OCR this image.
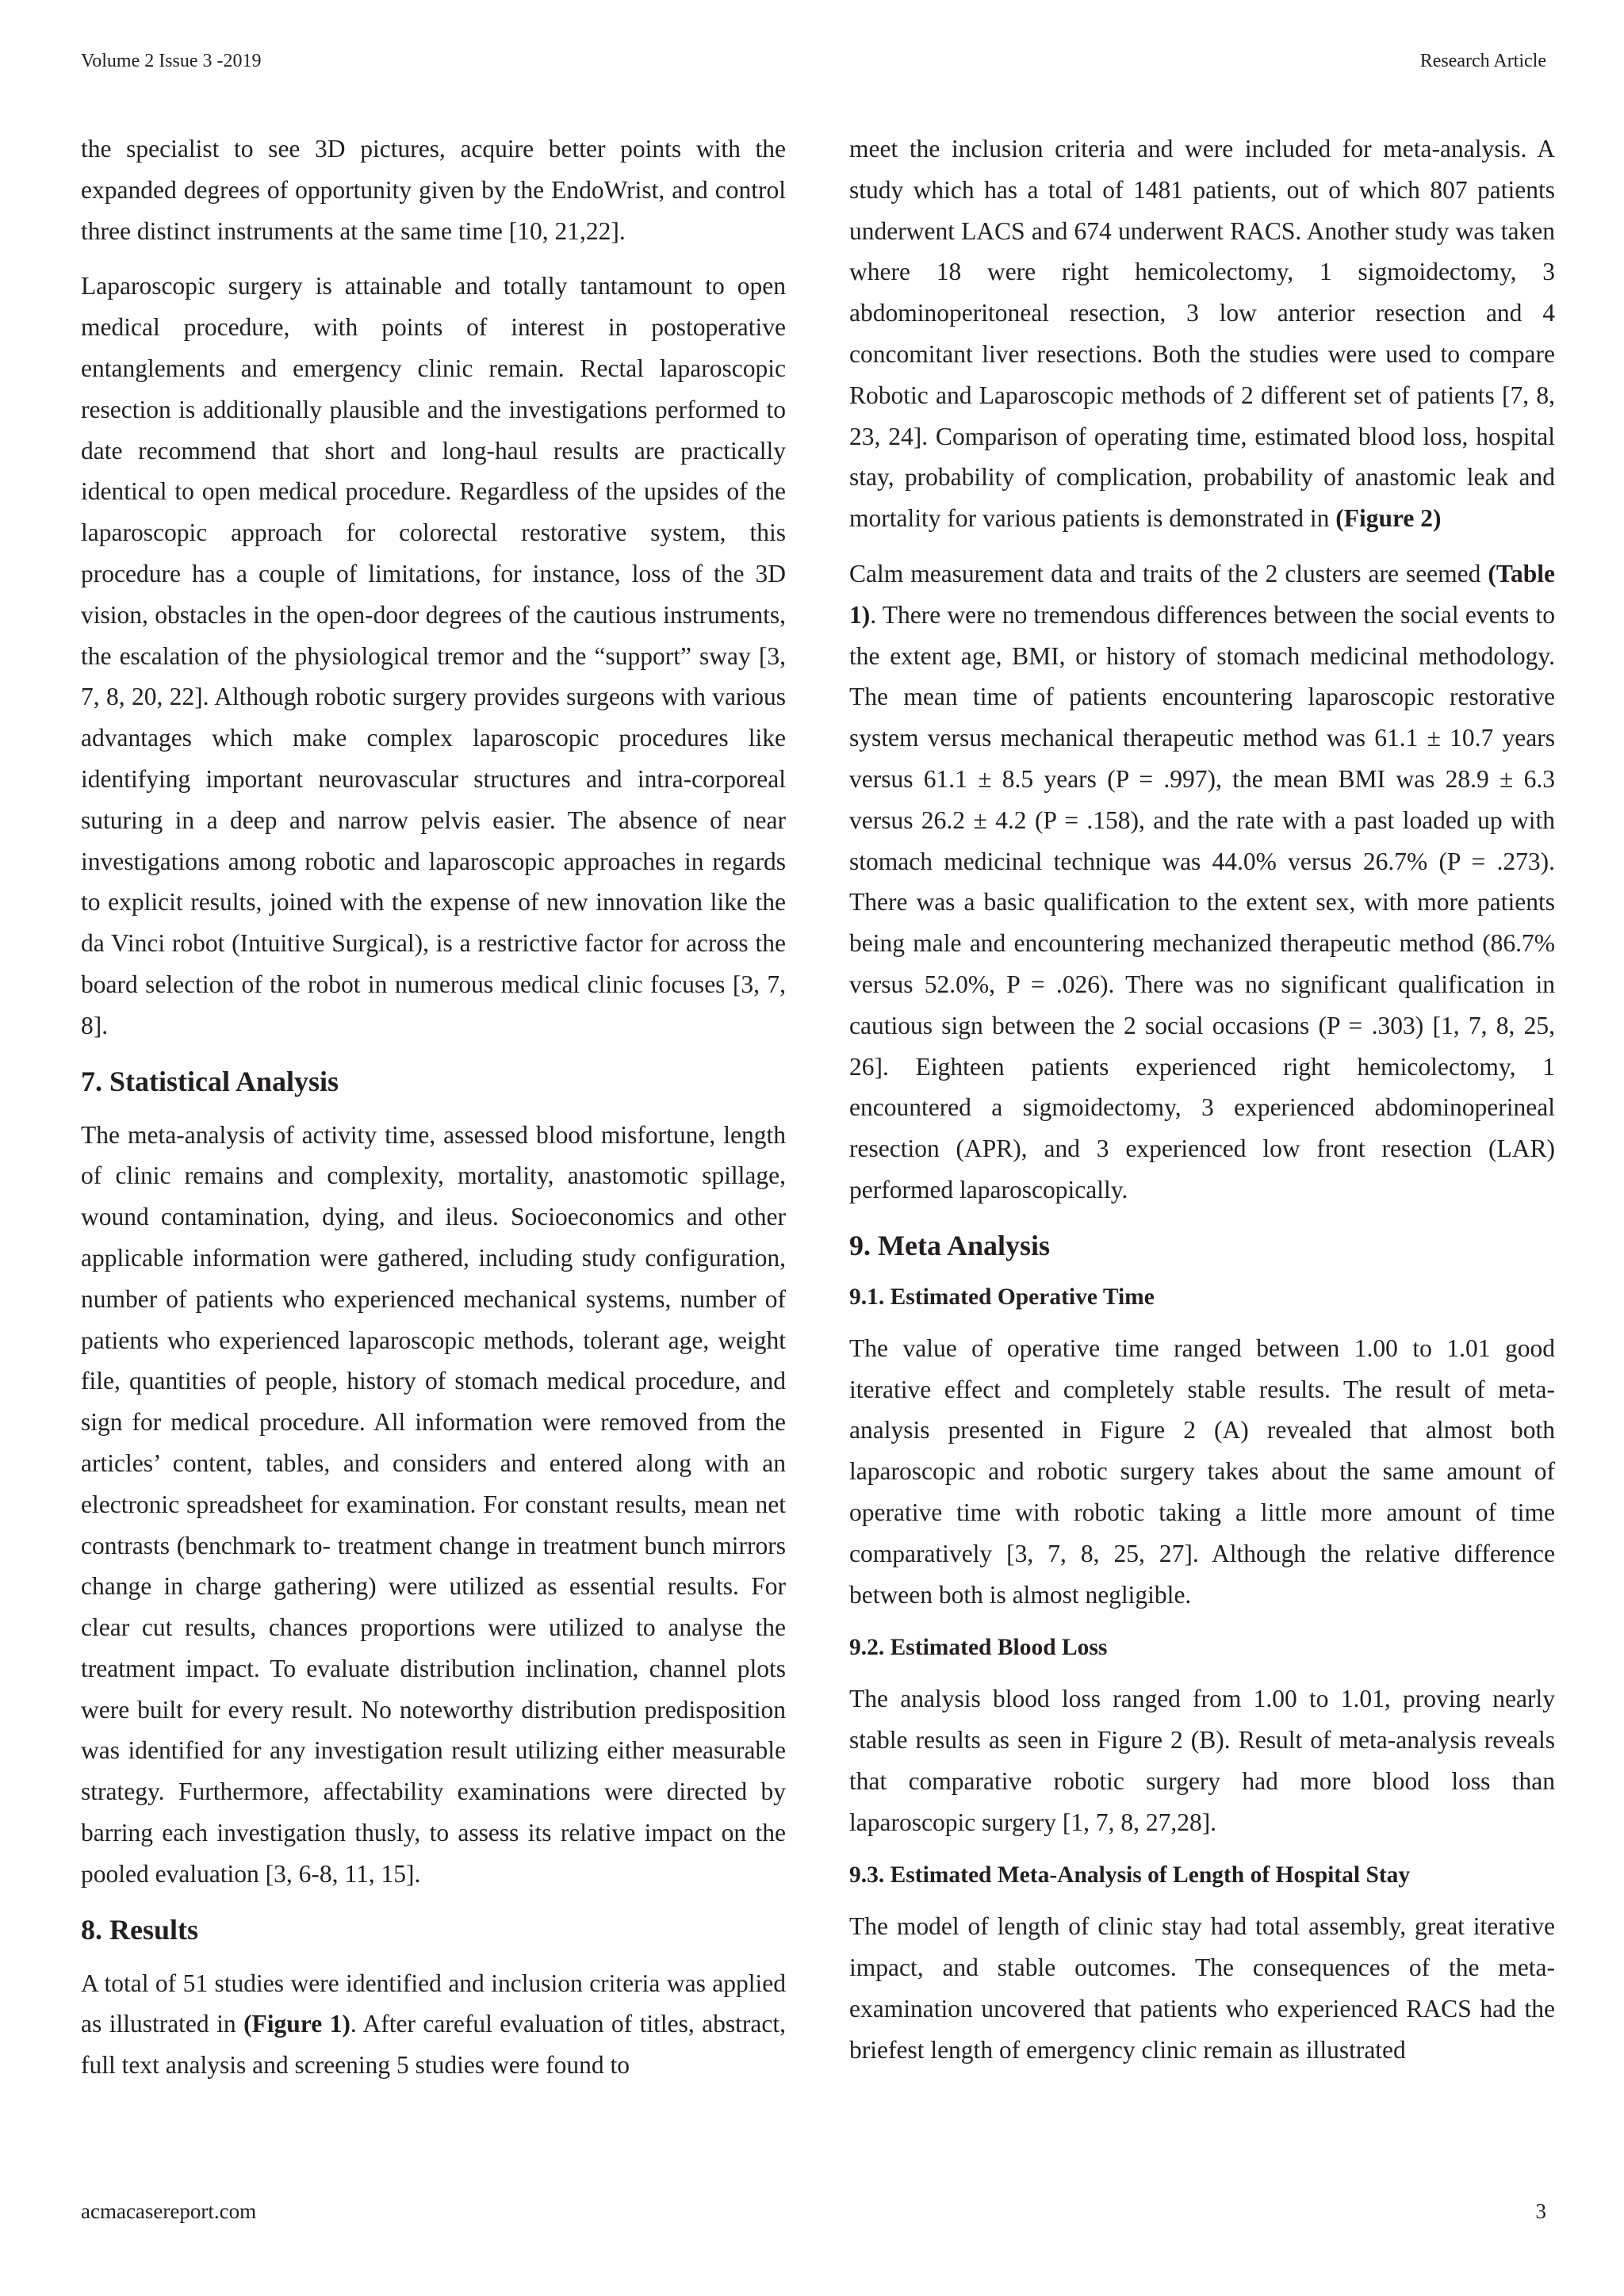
Volume 2 Issue 3 -2019	Research Article

the specialist to see 3D pictures, acquire better points with the expanded degrees of opportunity given by the EndoWrist, and control three distinct instruments at the same time [10, 21,22].

Laparoscopic surgery is attainable and totally tantamount to open medical procedure, with points of interest in postoperative entanglements and emergency clinic remain. Rectal laparoscopic resection is additionally plausible and the investigations performed to date recommend that short and long-haul results are practically identical to open medical procedure. Regardless of the upsides of the laparoscopic approach for colorectal restorative system, this procedure has a couple of limitations, for instance, loss of the 3D vision, obstacles in the open-door degrees of the cautious instruments, the escalation of the physiological tremor and the “support” sway [3, 7, 8, 20, 22]. Although robotic surgery provides surgeons with various advantages which make complex laparoscopic procedures like identifying important neurovascular structures and intra-corporeal suturing in a deep and narrow pelvis easier. The absence of near investigations among robotic and laparoscopic approaches in regards to explicit results, joined with the expense of new innovation like the da Vinci robot (Intuitive Surgical), is a restrictive factor for across the board selection of the robot in numerous medical clinic focuses [3, 7, 8].

7. Statistical Analysis

The meta-analysis of activity time, assessed blood misfortune, length of clinic remains and complexity, mortality, anastomotic spillage, wound contamination, dying, and ileus. Socioeconomics and other applicable information were gathered, including study configuration, number of patients who experienced mechanical systems, number of patients who experienced laparoscopic methods, tolerant age, weight file, quantities of people, history of stomach medical procedure, and sign for medical procedure. All information were removed from the articles’ content, tables, and considers and entered along with an electronic spreadsheet for examination. For constant results, mean net contrasts (benchmark to- treatment change in treatment bunch mirrors change in charge gathering) were utilized as essential results. For clear cut results, chances proportions were utilized to analyse the treatment impact. To evaluate distribution inclination, channel plots were built for every result. No noteworthy distribution predisposition was identified for any investigation result utilizing either measurable strategy. Furthermore, affectability examinations were directed by barring each investigation thusly, to assess its relative impact on the pooled evaluation [3, 6-8, 11, 15].

8. Results

A total of 51 studies were identified and inclusion criteria was applied as illustrated in (Figure 1). After careful evaluation of titles, abstract, full text analysis and screening 5 studies were found to

meet the inclusion criteria and were included for meta-analysis. A study which has a total of 1481 patients, out of which 807 patients underwent LACS and 674 underwent RACS. Another study was taken where 18 were right hemicolectomy, 1 sigmoidectomy, 3 abdominoperitoneal resection, 3 low anterior resection and 4 concomitant liver resections. Both the studies were used to compare Robotic and Laparoscopic methods of 2 different set of patients [7, 8, 23, 24]. Comparison of operating time, estimated blood loss, hospital stay, probability of complication, probability of anastomic leak and mortality for various patients is demonstrated in (Figure 2)

Calm measurement data and traits of the 2 clusters are seemed (Table 1). There were no tremendous differences between the social events to the extent age, BMI, or history of stomach medicinal methodology. The mean time of patients encountering laparoscopic restorative system versus mechanical therapeutic method was 61.1 ± 10.7 years versus 61.1 ± 8.5 years (P = .997), the mean BMI was 28.9 ± 6.3 versus 26.2 ± 4.2 (P = .158), and the rate with a past loaded up with stomach medicinal technique was 44.0% versus 26.7% (P = .273). There was a basic qualification to the extent sex, with more patients being male and encountering mechanized therapeutic method (86.7% versus 52.0%, P = .026). There was no significant qualification in cautious sign between the 2 social occasions (P = .303) [1, 7, 8, 25, 26]. Eighteen patients experienced right hemicolectomy, 1 encountered a sigmoidectomy, 3 experienced abdominoperineal resection (APR), and 3 experienced low front resection (LAR) performed laparoscopically.

9. Meta Analysis
9.1. Estimated Operative Time

The value of operative time ranged between 1.00 to 1.01 good iterative effect and completely stable results. The result of meta-analysis presented in Figure 2 (A) revealed that almost both laparoscopic and robotic surgery takes about the same amount of operative time with robotic taking a little more amount of time comparatively [3, 7, 8, 25, 27]. Although the relative difference between both is almost negligible.

9.2. Estimated Blood Loss

The analysis blood loss ranged from 1.00 to 1.01, proving nearly stable results as seen in Figure 2 (B). Result of meta-analysis reveals that comparative robotic surgery had more blood loss than laparoscopic surgery [1, 7, 8, 27,28].

9.3. Estimated Meta-Analysis of Length of Hospital Stay

The model of length of clinic stay had total assembly, great iterative impact, and stable outcomes. The consequences of the meta-examination uncovered that patients who experienced RACS had the briefest length of emergency clinic remain as illustrated

acmacasereport.com	3
